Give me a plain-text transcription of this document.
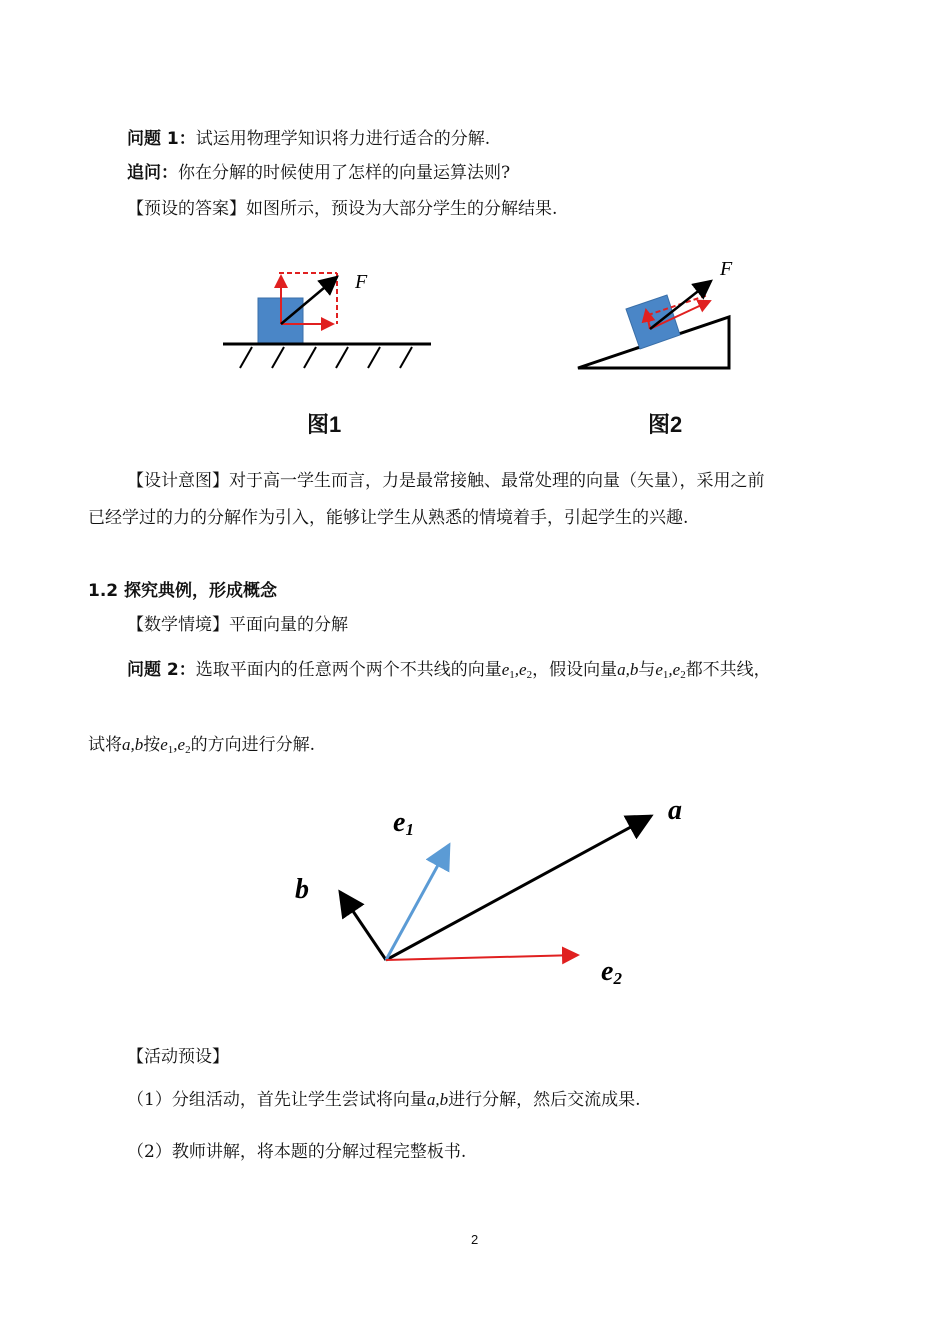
问题 1：试运用物理学知识将力进行适合的分解.
追问：你在分解的时候使用了怎样的向量运算法则?
【预设的答案】如图所示，预设为大部分学生的分解结果.
F
F
图1	图2
【设计意图】对于高一学生而言，力是最常接触、最常处理的向量（矢量），采用之前
已经学过的力的分解作为引入，能够让学生从熟悉的情境着手，引起学生的兴趣.
1.2 探究典例，形成概念
【数学情境】平面向量的分解
问题 2：选取平面内的任意两个两个不共线的向量$e_1,e_2$，假设向量a,b与$e_1,e_2$都不共线，
试将a,b按$e_1,e_2$的方向进行分解.
a
b
e1
e2
【活动预设】
（1）分组活动，首先让学生尝试将向量a,b进行分解，然后交流成果.
（2）教师讲解，将本题的分解过程完整板书.
2
